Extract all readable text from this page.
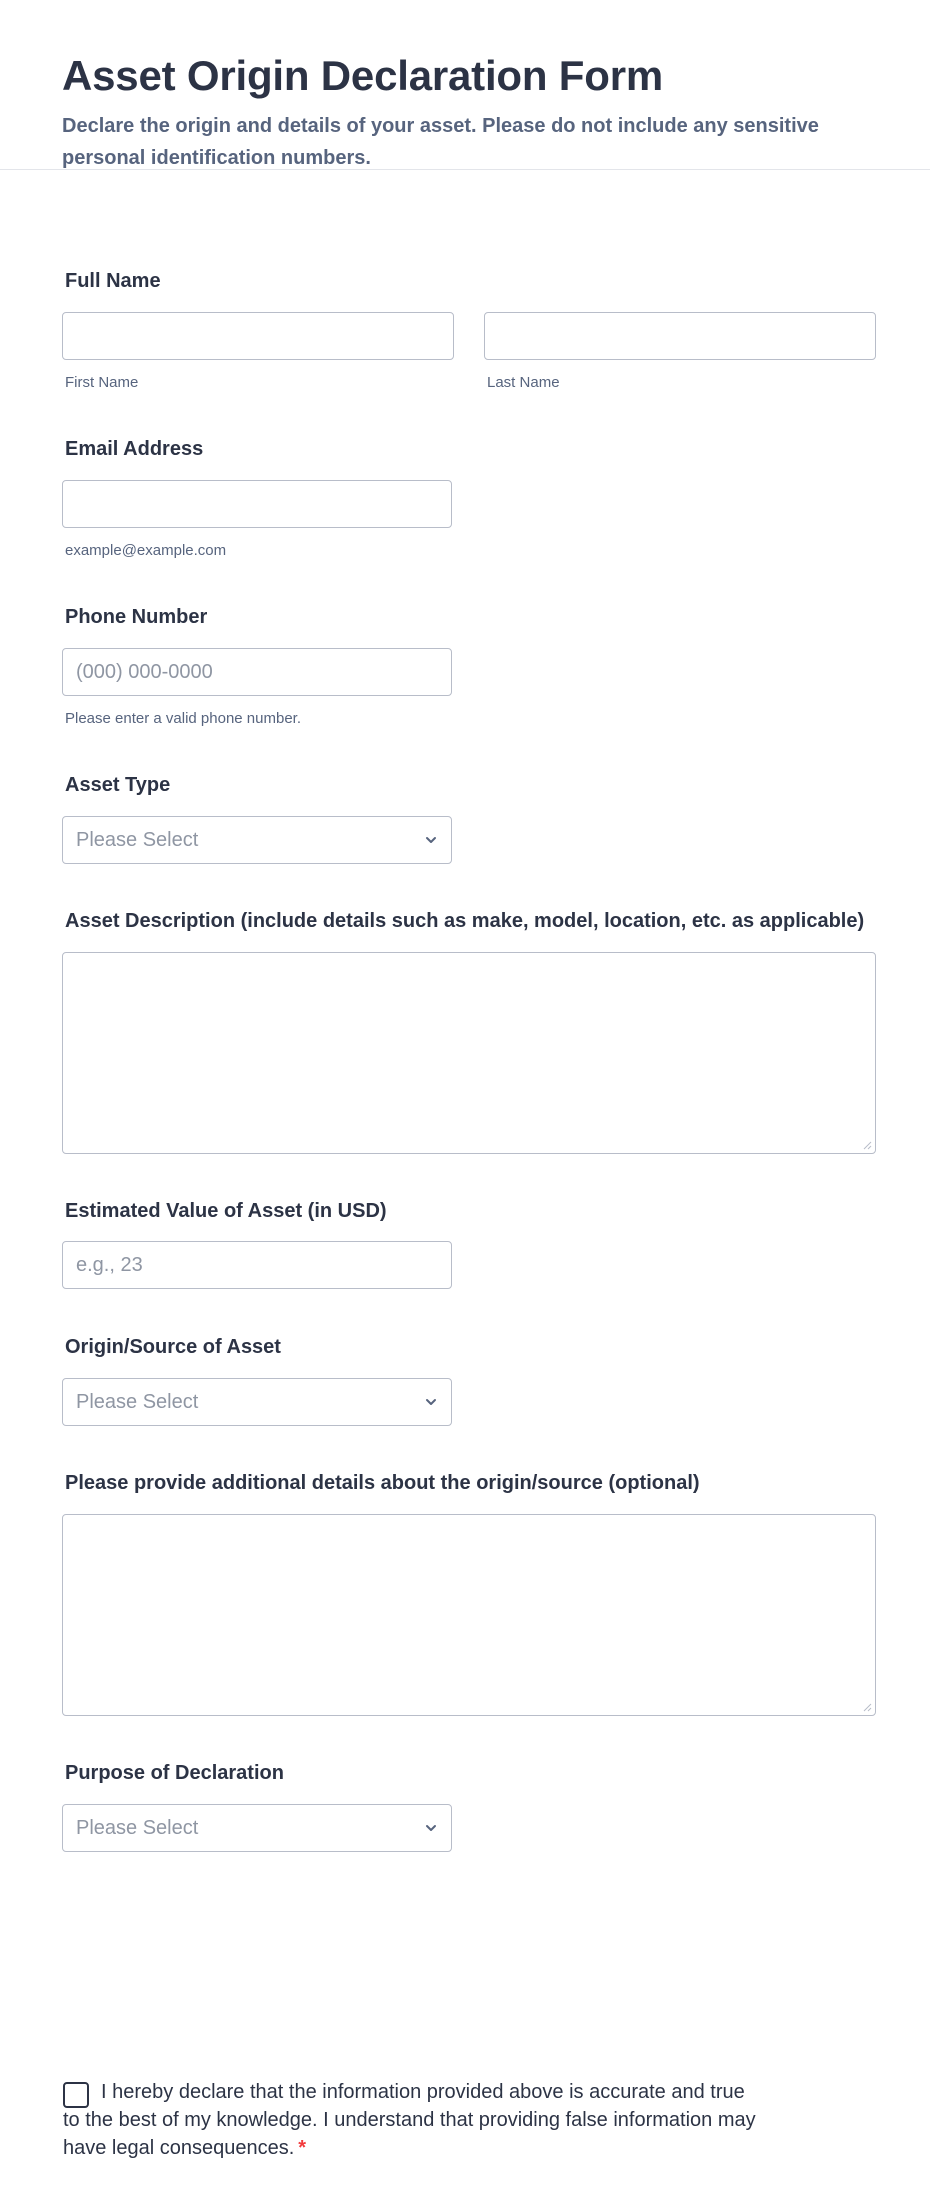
Asset Origin Declaration Form
Declare the origin and details of your asset. Please do not include any sensitive personal identification numbers.
Full Name
First Name	Last Name
Email Address
example@example.com
Phone Number
(000) 000-0000
Please enter a valid phone number.
Asset Type
Please Select
Asset Description (include details such as make, model, location, etc. as applicable)
Estimated Value of Asset (in USD)
e.g., 23
Origin/Source of Asset
Please Select
Please provide additional details about the origin/source (optional)
Purpose of Declaration
Please Select
I hereby declare that the information provided above is accurate and true to the best of my knowledge. I understand that providing false information may have legal consequences. *
